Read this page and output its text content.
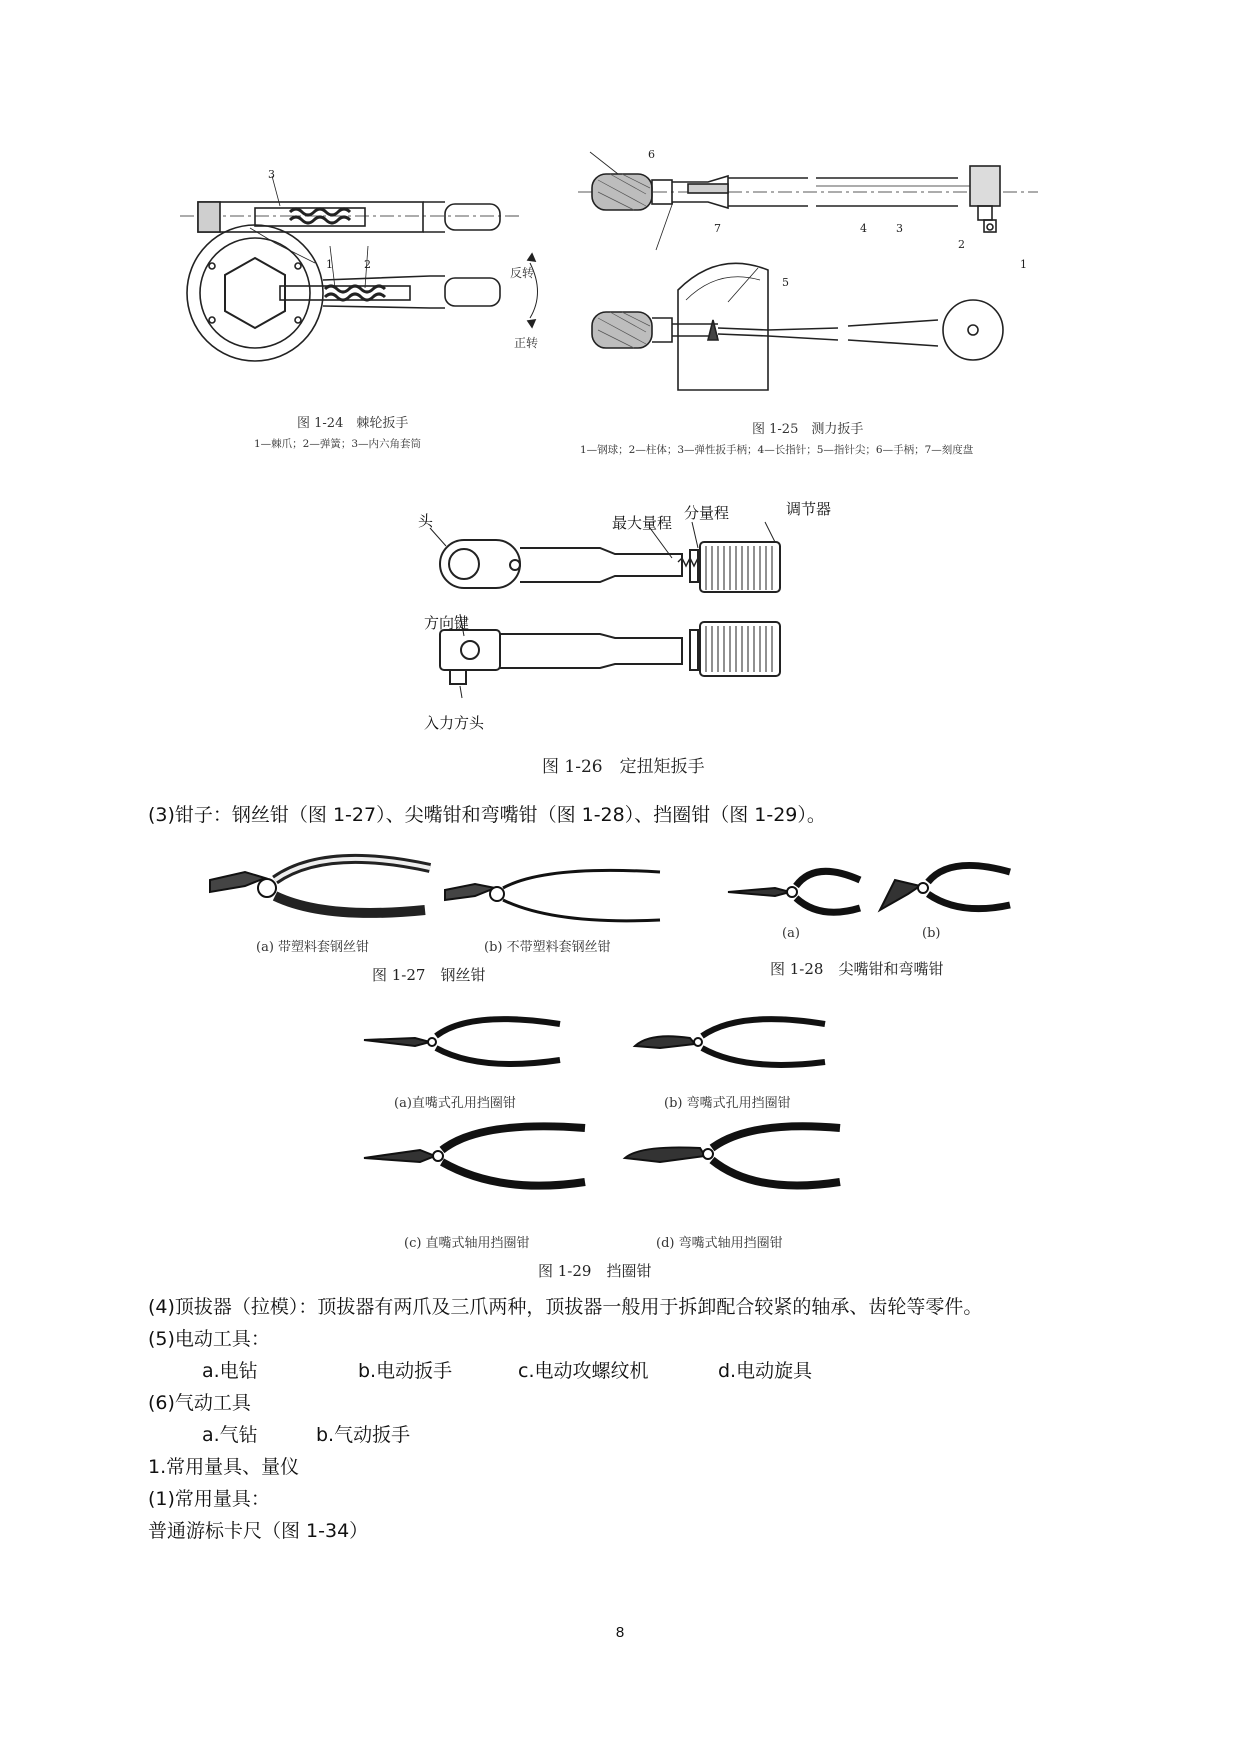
3
1	2
反转
正转
图 1-24　棘轮扳手
1—棘爪；2—弹簧；3—内六角套筒
6
7
5
4	3
2
1
图 1-25　测力扳手
1—钢球；2—柱体；3—弹性扳手柄；4—长指针；5—指针尖；6—手柄；7—刻度盘
头	最大量程
分量程	调节器
方向键
入力方头
图 1-26　定扭矩扳手
(3)钳子：钢丝钳（图 1-27）、尖嘴钳和弯嘴钳（图 1-28）、挡圈钳（图 1-29）。
(a) 带塑料套钢丝钳	(b) 不带塑料套钢丝钳
图 1-27　钢丝钳
(a)	(b)
图 1-28　尖嘴钳和弯嘴钳
(a)直嘴式孔用挡圈钳	(b) 弯嘴式孔用挡圈钳
(c) 直嘴式轴用挡圈钳	(d) 弯嘴式轴用挡圈钳
图 1-29　挡圈钳
(4)顶拔器（拉模）：顶拔器有两爪及三爪两种，顶拔器一般用于拆卸配合较紧的轴承、齿轮等零件。
(5)电动工具：
a.电钻	b.电动扳手	c.电动攻螺纹机	d.电动旋具
(6)气动工具
a.气钻	b.气动扳手
1.常用量具、量仪
(1)常用量具：
普通游标卡尺（图 1-34）
8
